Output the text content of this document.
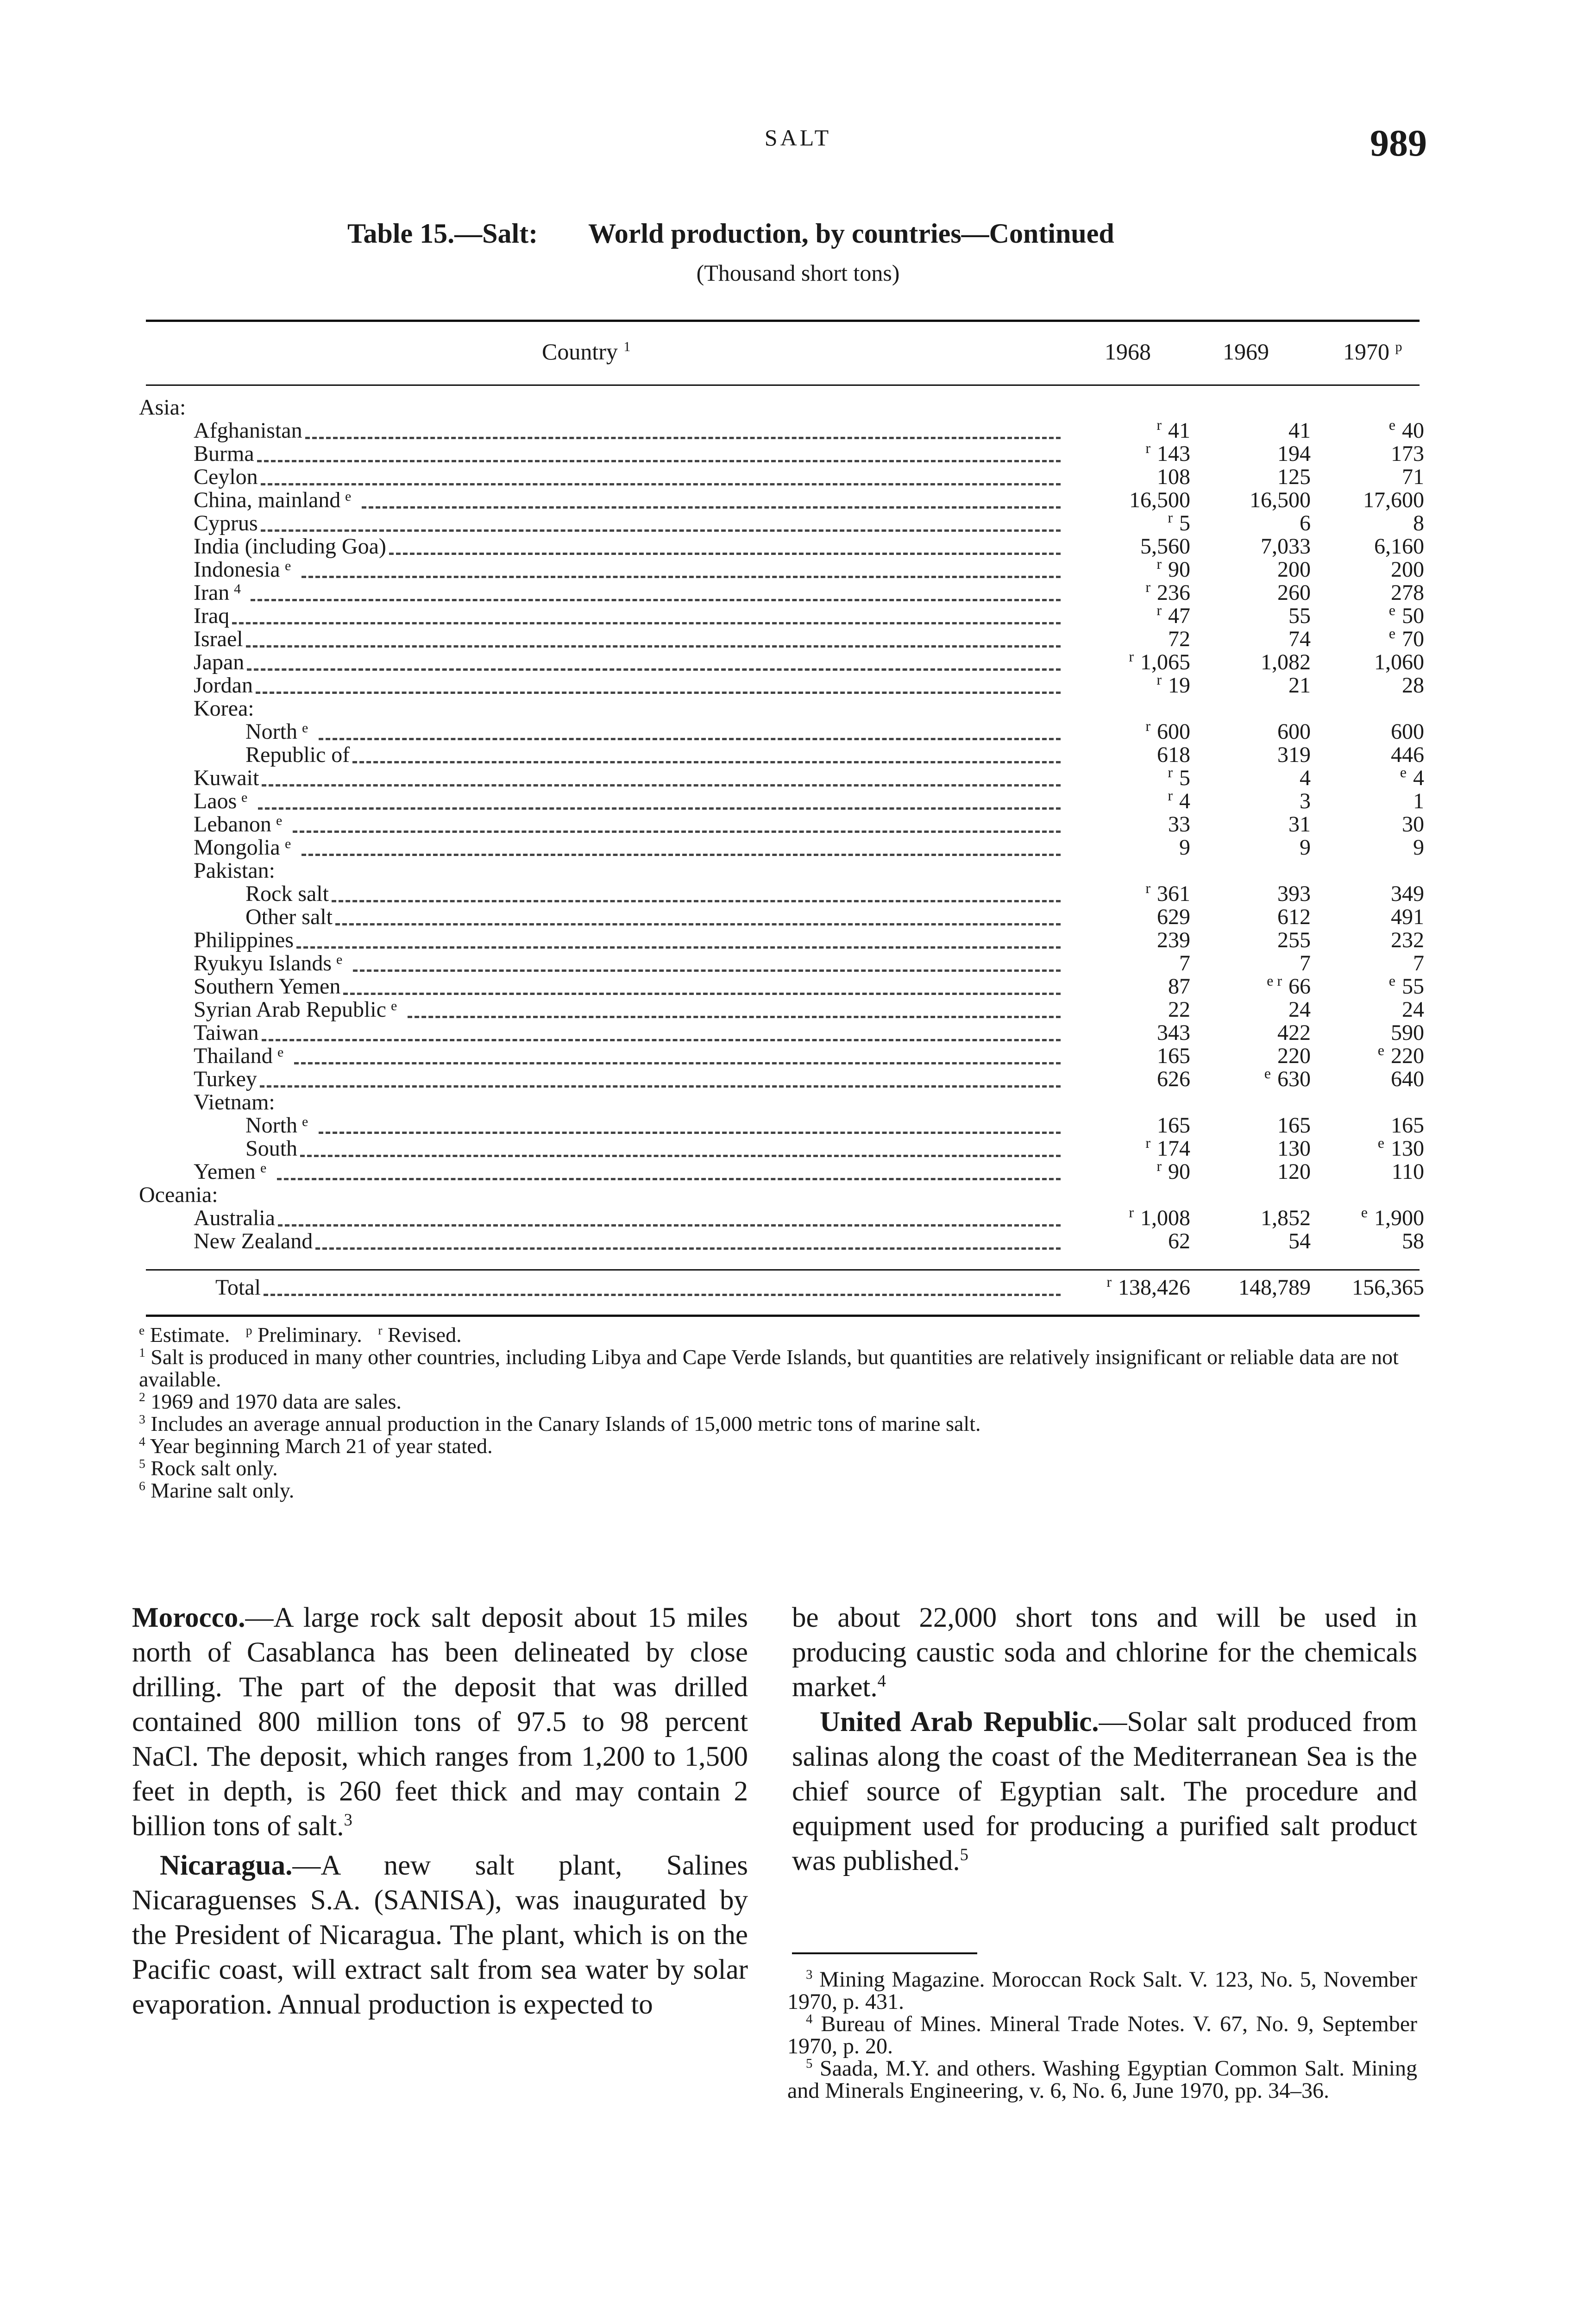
SALT	989
Table 15.—Salt: World production, by countries—Continued
(Thousand short tons)
Country $^1$	1968	1969	1970 $^p$
Asia:
Afghanistan	$^r$ 41	41	$^e$ 40
Burma	$^r$ 143	194	173
Ceylon	108	125	71
China, mainland e	16,500	16,500	17,600
Cyprus	$^r$ 5	6	8
India (including Goa)	5,560	7,033	6,160
Indonesia e	$^r$ 90	200	200
Iran 4	$^r$ 236	260	278
Iraq	$^r$ 47	55	$^e$ 50
Israel	72	74	$^e$ 70
Japan	$^r$ 1,065	1,082	1,060
Jordan	$^r$ 19	21	28
Korea:
North e	$^r$ 600	600	600
Republic of	618	319	446
Kuwait	$^r$ 5	4	$^e$ 4
Laos e	$^r$ 4	3	1
Lebanon e	33	31	30
Mongolia e	9	9	9
Pakistan:
Rock salt	$^r$ 361	393	349
Other salt	629	612	491
Philippines	239	255	232
Ryukyu Islands e	7	7	7
Southern Yemen	87	$^{e r}$ 66	$^e$ 55
Syrian Arab Republic e	22	24	24
Taiwan	343	422	590
Thailand e	165	220	$^e$ 220
Turkey	626	$^e$ 630	640
Vietnam:
North e	165	165	165
South	$^r$ 174	130	$^e$ 130
Yemen e	$^r$ 90	120	110
Oceania:
Australia	$^r$ 1,008	1,852	$^e$ 1,900
New Zealand	62	54	58
Total	$^r$ 138,426	148,789	156,365
$^e$ Estimate. $^p$ Preliminary. $^r$ Revised.
$^1$ Salt is produced in many other countries, including Libya and Cape Verde Islands, but quantities are relatively insignificant or reliable data are not available.
$^2$ 1969 and 1970 data are sales.
$^3$ Includes an average annual production in the Canary Islands of 15,000 metric tons of marine salt.
$^4$ Year beginning March 21 of year stated.
$^5$ Rock salt only.
$^6$ Marine salt only.

Morocco.—A large rock salt deposit about 15 miles north of Casablanca has been delineated by close drilling. The part of the deposit that was drilled contained 800 million tons of 97.5 to 98 percent NaCl. The deposit, which ranges from 1,200 to 1,500 feet in depth, is 260 feet thick and may contain 2 billion tons of salt.$^3$

Nicaragua.—A new salt plant, Salines Nicaraguenses S.A. (SANISA), was inaugurated by the President of Nicaragua. The plant, which is on the Pacific coast, will extract salt from sea water by solar evaporation. Annual production is expected to

be about 22,000 short tons and will be used in producing caustic soda and chlorine for the chemicals market.$^4$

United Arab Republic.—Solar salt produced from salinas along the coast of the Mediterranean Sea is the chief source of Egyptian salt. The procedure and equipment used for producing a purified salt product was published.$^5$

$^3$ Mining Magazine. Moroccan Rock Salt. V. 123, No. 5, November 1970, p. 431.

$^4$ Bureau of Mines. Mineral Trade Notes. V. 67, No. 9, September 1970, p. 20.

$^5$ Saada, M.Y. and others. Washing Egyptian Common Salt. Mining and Minerals Engineering, v. 6, No. 6, June 1970, pp. 34–36.
